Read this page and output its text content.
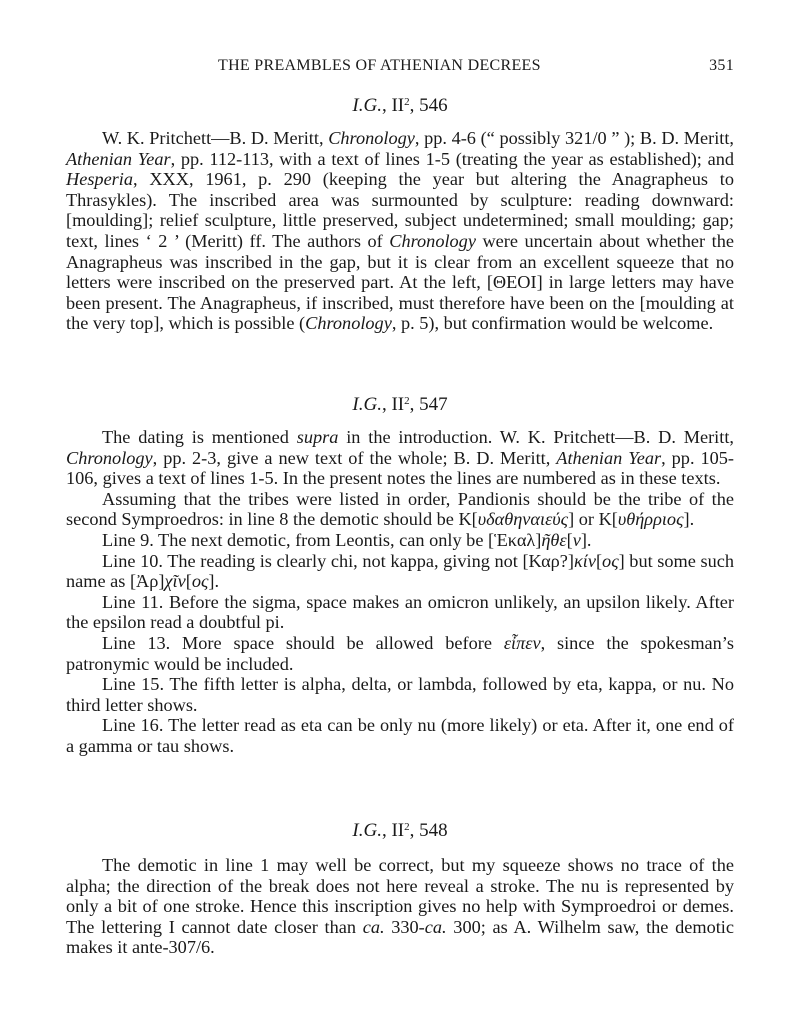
THE PREAMBLES OF ATHENIAN DECREES	351
I.G., $II^2$, 546

W. K. Pritchett—B. D. Meritt, Chronology, pp. 4-6 (“ possibly 321/0 ” ); B. D. Meritt, Athenian Year, pp. 112-113, with a text of lines 1-5 (treating the year as established); and Hesperia, XXX, 1961, p. 290 (keeping the year but altering the Anagrapheus to Thrasykles). The inscribed area was surmounted by sculpture: reading downward: [moulding]; relief sculpture, little preserved, subject undetermined; small moulding; gap; text, lines ‘ 2 ’ (Meritt) ff. The authors of Chronology were uncertain about whether the Anagrapheus was inscribed in the gap, but it is clear from an excellent squeeze that no letters were inscribed on the preserved part. At the left, [ΘΕΟΙ] in large letters may have been present. The Anagrapheus, if inscribed, must therefore have been on the [moulding at the very top], which is possible (Chronology, p. 5), but confirmation would be welcome.

I.G., $II^2$, 547

The dating is mentioned supra in the introduction. W. K. Pritchett—B. D. Meritt, Chronology, pp. 2-3, give a new text of the whole; B. D. Meritt, Athenian Year, pp. 105-106, gives a text of lines 1-5. In the present notes the lines are numbered as in these texts.

Assuming that the tribes were listed in order, Pandionis should be the tribe of the second Symproedros: in line 8 the demotic should be Κ[υδαθηναιεύς] or Κ[υθήρριος].

Line 9. The next demotic, from Leontis, can only be [Ἑκαλ]ῆθε[ν].

Line 10. The reading is clearly chi, not kappa, giving not [Καρ?]κίν[ος] but some such name as [Ἀρ]χῖν[ος].

Line 11. Before the sigma, space makes an omicron unlikely, an upsilon likely. After the epsilon read a doubtful pi.

Line 13. More space should be allowed before εἶπεν, since the spokesman’s patronymic would be included.

Line 15. The fifth letter is alpha, delta, or lambda, followed by eta, kappa, or nu. No third letter shows.

Line 16. The letter read as eta can be only nu (more likely) or eta. After it, one end of a gamma or tau shows.

I.G., $II^2$, 548

The demotic in line 1 may well be correct, but my squeeze shows no trace of the alpha; the direction of the break does not here reveal a stroke. The nu is represented by only a bit of one stroke. Hence this inscription gives no help with Symproedroi or demes. The lettering I cannot date closer than ca. 330-ca. 300; as A. Wilhelm saw, the demotic makes it ante-307/6.
